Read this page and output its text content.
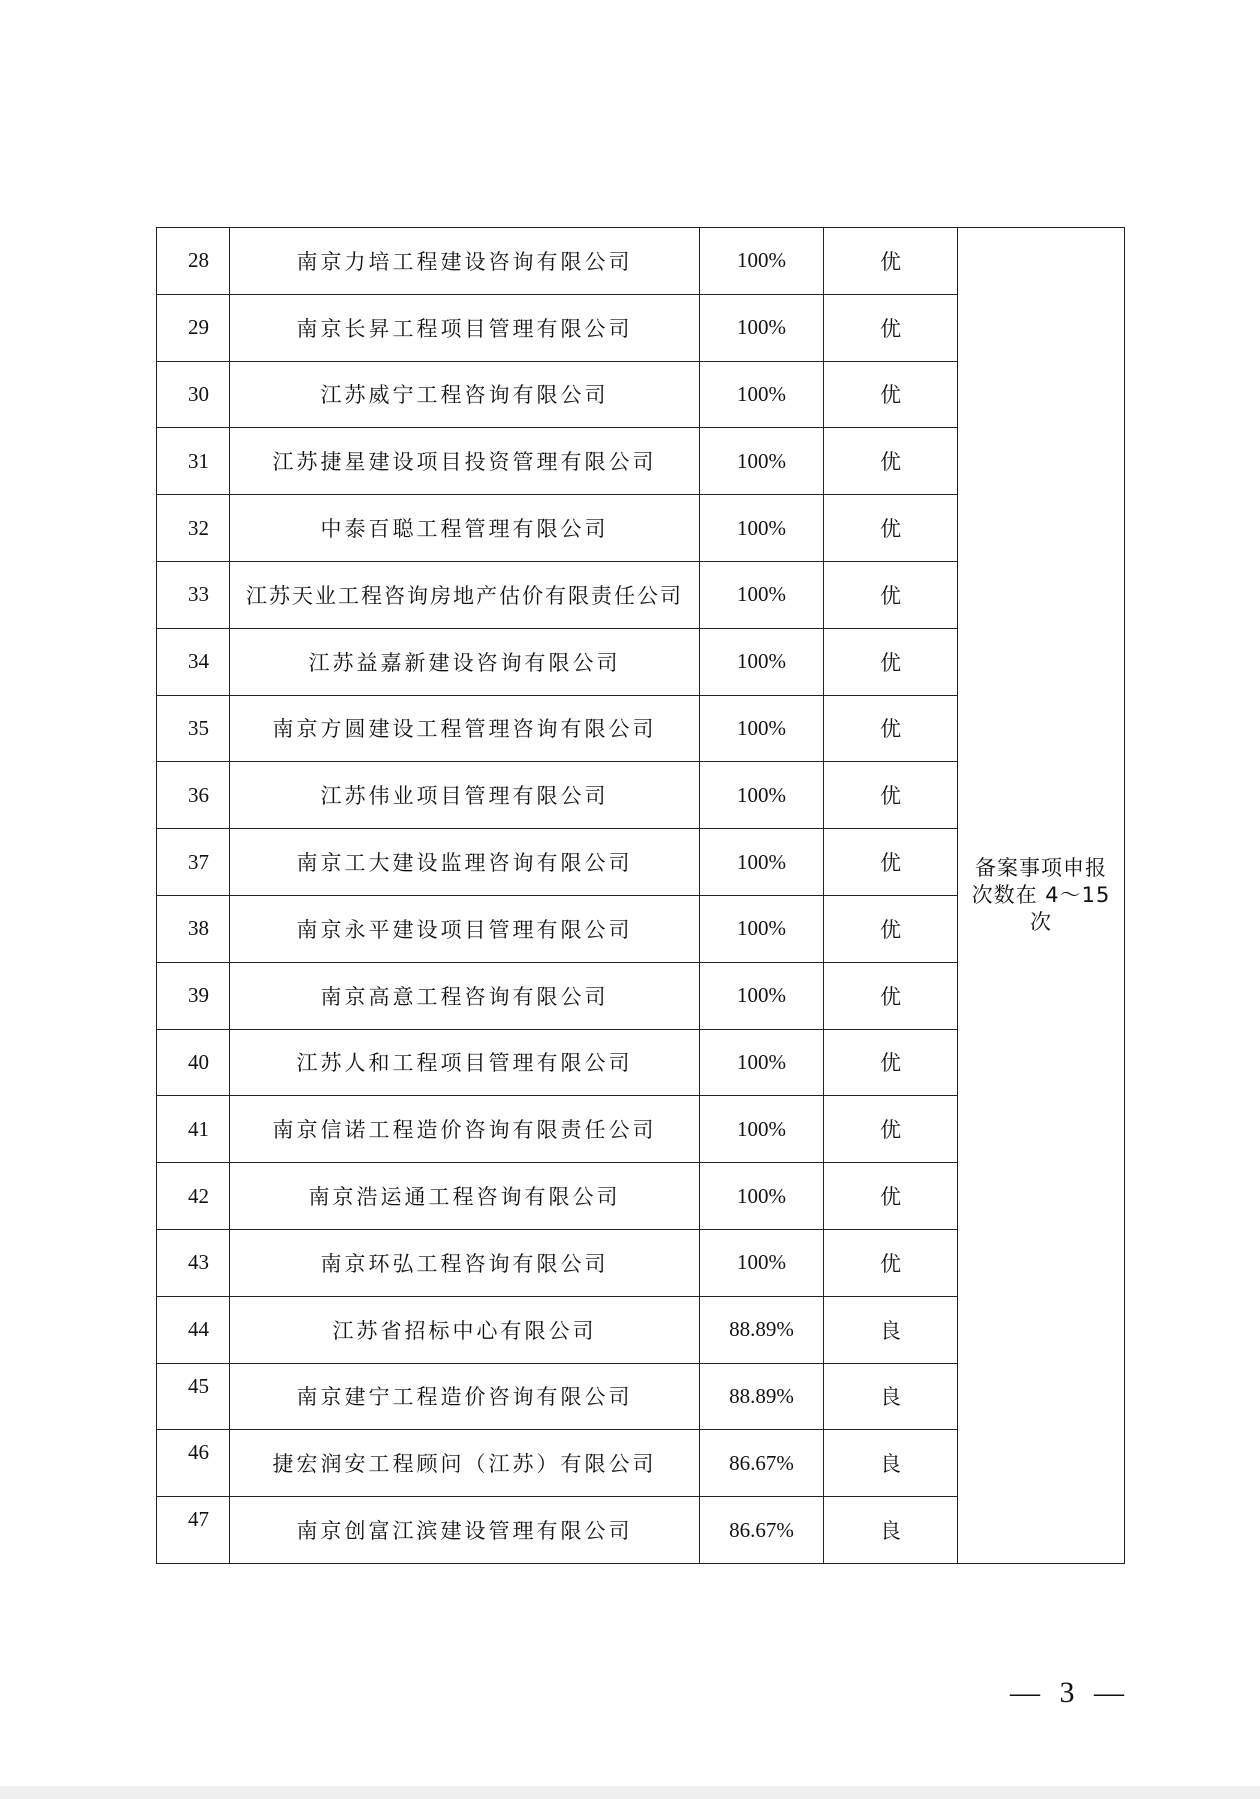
28	南京力培工程建设咨询有限公司	100%	优	备案事项申报次数在 4～15 次
29	南京长昇工程项目管理有限公司	100%	优	
30	江苏威宁工程咨询有限公司	100%	优	
31	江苏捷星建设项目投资管理有限公司	100%	优	
32	中泰百聪工程管理有限公司	100%	优	
33	江苏天业工程咨询房地产估价有限责任公司	100%	优	
34	江苏益嘉新建设咨询有限公司	100%	优	
35	南京方圆建设工程管理咨询有限公司	100%	优	
36	江苏伟业项目管理有限公司	100%	优	
37	南京工大建设监理咨询有限公司	100%	优	
38	南京永平建设项目管理有限公司	100%	优	
39	南京高意工程咨询有限公司	100%	优	
40	江苏人和工程项目管理有限公司	100%	优	
41	南京信诺工程造价咨询有限责任公司	100%	优	
42	南京浩运通工程咨询有限公司	100%	优	
43	南京环弘工程咨询有限公司	100%	优	
44	江苏省招标中心有限公司	88.89%	良	
45	南京建宁工程造价咨询有限公司	88.89%	良	
46	捷宏润安工程顾问（江苏）有限公司	86.67%	良	
47	南京创富江滨建设管理有限公司	86.67%	良	
— 3 —
